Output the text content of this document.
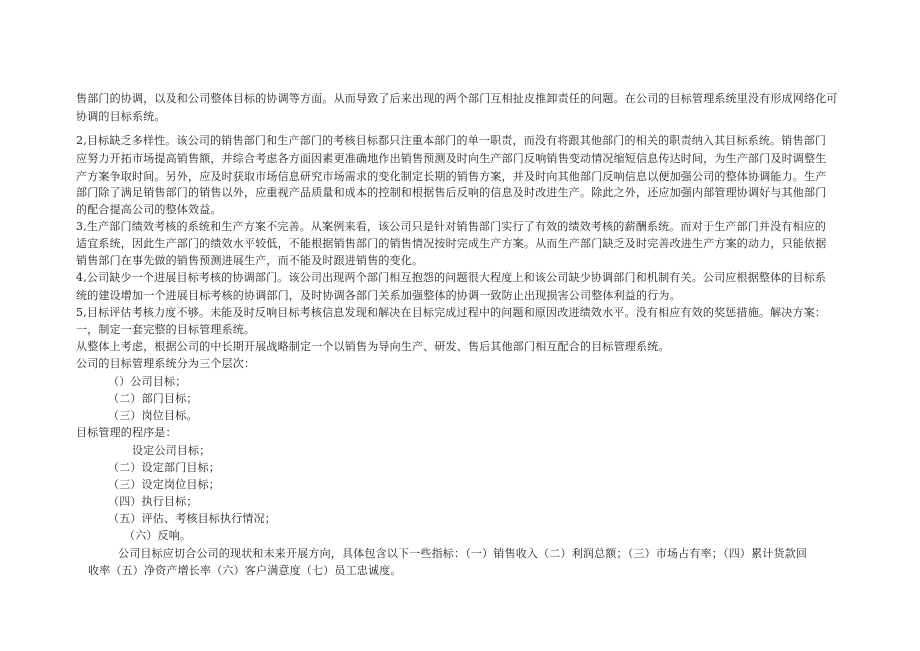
售部门的协调，以及和公司整体目标的协调等方面。从而导致了后来出现的两个部门互相扯皮推卸责任的问题。在公司的目标管理系统里没有形成网络化可
协调的目标系统。
2,目标缺乏多样性。该公司的销售部门和生产部门的考核目标都只注重本部门的单一职责，而没有将跟其他部门的相关的职责纳入其目标系统。销售部门
应努力开拓市场提高销售额，并综合考虑各方面因素更准确地作出销售预测及时向生产部门反响销售变动情况缩短信息传达时间，为生产部门及时调整生
产方案争取时间。另外，应及时获取市场信息研究市场需求的变化制定长期的销售方案，并及时向其他部门反响信息以便加强公司的整体协调能力。生产
部门除了满足销售部门的销售以外，应重视产品质量和成本的控制和根据售后反响的信息及时改进生产。除此之外，还应加强内部管理协调好与其他部门
的配合提高公司的整体效益。
3,生产部门绩效考核的系统和生产方案不完善。从案例来看，该公司只是针对销售部门实行了有效的绩效考核的薪酬系统。而对于生产部门并没有相应的
适宜系统，因此生产部门的绩效水平较低，不能根据销售部门的销售情况按时完成生产方案。从而生产部门缺乏及时完善改进生产方案的动力，只能依据
销售部门在事先做的销售预测进展生产，而不能及时跟进销售的变化。
4,公司缺少一个进展目标考核的协调部门。该公司出现两个部门相互抱怨的问题很大程度上和该公司缺少协调部门和机制有关。公司应根据整体的目标系
统的建设增加一个进展目标考核的协调部门，及时协调各部门关系加强整体的协调一致防止出现损害公司整体利益的行为。
5,目标评估考核力度不够。未能及时反响目标考核信息发现和解决在目标完成过程中的问题和原因改进绩效水平。没有相应有效的奖惩措施。解决方案：
一，制定一套完整的目标管理系统。
从整体上考虑，根据公司的中长期开展战略制定一个以销售为导向生产、研发、售后其他部门相互配合的目标管理系统。
公司的目标管理系统分为三个层次：
（）公司目标；
（二）部门目标；
（三）岗位目标。
目标管理的程序是：
设定公司目标；
（二）设定部门目标；
（三）设定岗位目标；
（四）执行目标；
（五）评估、考核目标执行情况；
（六）反响。
公司目标应切合公司的现状和未来开展方向，具体包含以下一些指标：（一）销售收入（二）利润总额；（三）市场占有率；（四）累计货款回
收率（五）净资产增长率（六）客户满意度（七）员工忠诚度。
